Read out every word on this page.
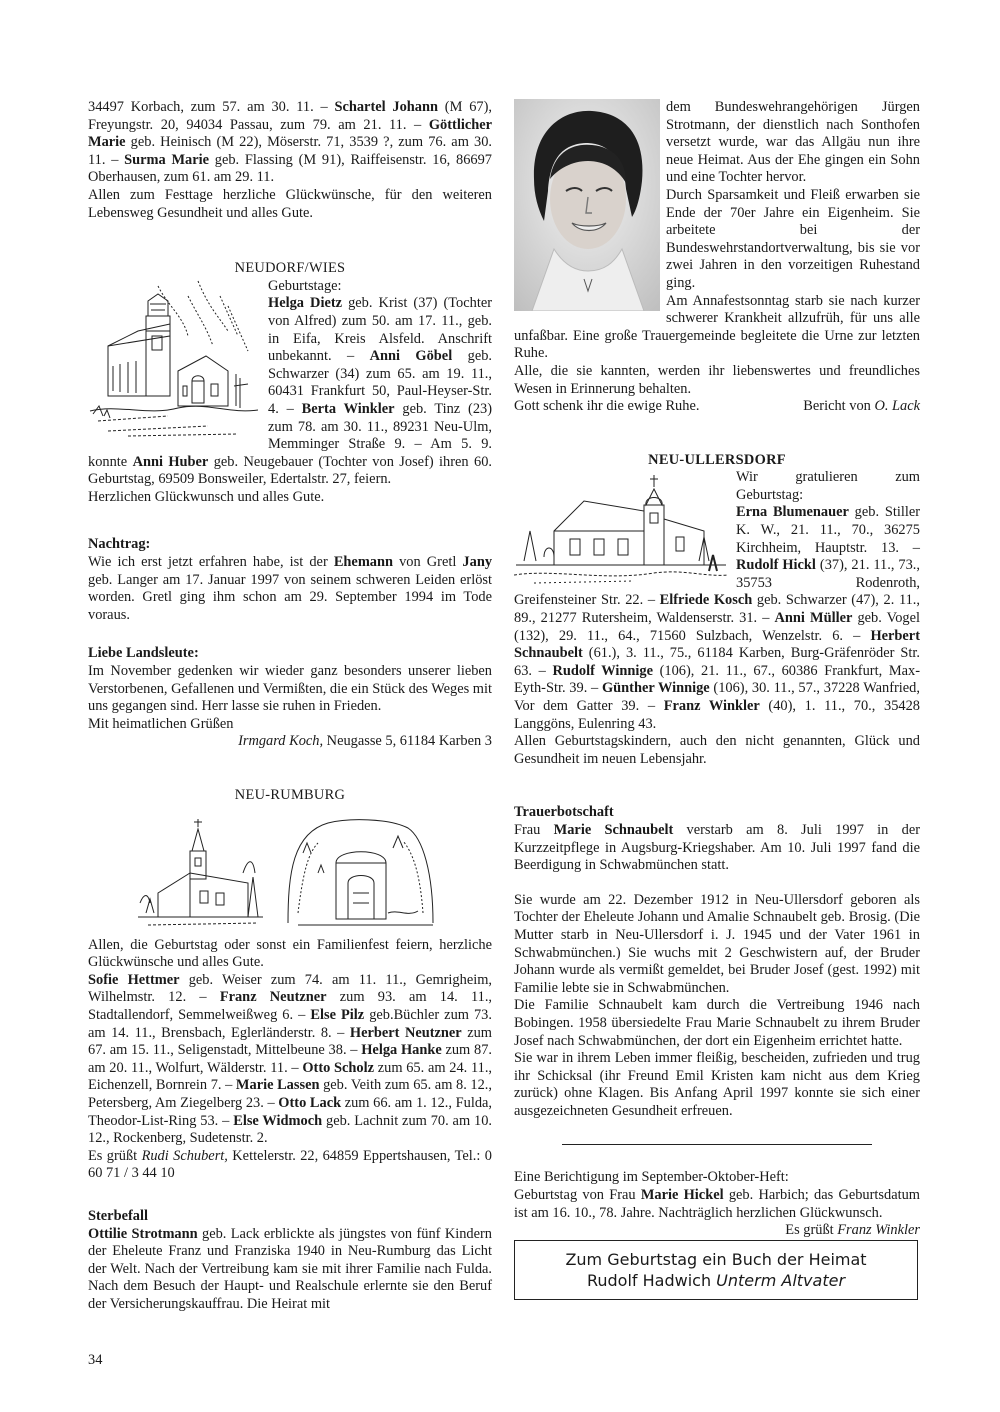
34497 Korbach, zum 57. am 30. 11. – Schartel Johann (M 67), Freyungstr. 20, 94034 Passau, zum 79. am 21. 11. – Göttlicher Marie geb. Heinisch (M 22), Möserstr. 71, 3539 ?, zum 76. am 30. 11. – Surma Marie geb. Flassing (M 91), Raiffeisenstr. 16, 86697 Oberhausen, zum 61. am 29. 11.

Allen zum Festtage herzliche Glückwünsche, für den weiteren Lebensweg Gesundheit und alles Gute.

NEUDORF/WIES

Geburtstage:
Helga Dietz geb. Krist (37) (Tochter von Alfred) zum 50. am 17. 11., geb. in Eifa, Kreis Alsfeld. Anschrift unbekannt. – Anni Göbel geb. Schwarzer (34) zum 65. am 19. 11., 60431 Frankfurt 50, Paul-Heyser-Str. 4. – Berta Winkler geb. Tinz (23) zum 78. am 30. 11., 89231 Neu-Ulm, Memminger Straße 9. – Am 5. 9. konnte Anni Huber geb. Neugebauer (Tochter von Josef) ihren 60. Geburtstag, 69509 Bonsweiler, Edertalstr. 27, feiern.

Herzlichen Glückwunsch und alles Gute.

Nachtrag:

Wie ich erst jetzt erfahren habe, ist der Ehemann von Gretl Jany geb. Langer am 17. Januar 1997 von seinem schweren Leiden erlöst worden. Gretl ging ihm schon am 29. September 1994 im Tode voraus.

Liebe Landsleute:

Im November gedenken wir wieder ganz besonders unserer lieben Verstorbenen, Gefallenen und Vermißten, die ein Stück des Weges mit uns gegangen sind. Herr lasse sie ruhen in Frieden.

Mit heimatlichen Grüßen

Irmgard Koch, Neugasse 5, 61184 Karben 3

NEU-RUMBURG

Allen, die Geburtstag oder sonst ein Familienfest feiern, herzliche Glückwünsche und alles Gute.

Sofie Hettmer geb. Weiser zum 74. am 11. 11., Gemrigheim, Wilhelmstr. 12. – Franz Neutzner zum 93. am 14. 11., Stadtallendorf, Semmelweißweg 6. – Else Pilz geb.Büchler zum 73. am 14. 11., Brensbach, Eglerländerstr. 8. – Herbert Neutzner zum 67. am 15. 11., Seligenstadt, Mittelbeune 38. – Helga Hanke zum 87. am 20. 11., Wolfurt, Wälderstr. 11. – Otto Scholz zum 65. am 24. 11., Eichenzell, Bornrein 7. – Marie Lassen geb. Veith zum 65. am 8. 12., Petersberg, Am Ziegelberg 23. – Otto Lack zum 66. am 1. 12., Fulda, Theodor-List-Ring 53. – Else Widmoch geb. Lachnit zum 70. am 10. 12., Rockenberg, Sudetenstr. 2.

Es grüßt Rudi Schubert, Kettelerstr. 22, 64859 Eppertshausen, Tel.: 0 60 71 / 3 44 10

Sterbefall

Ottilie Strotmann geb. Lack erblickte als jüngstes von fünf Kindern der Eheleute Franz und Franziska 1940 in Neu-Rumburg das Licht der Welt. Nach der Vertreibung kam sie mit ihrer Familie nach Fulda. Nach dem Besuch der Haupt- und Realschule erlernte sie den Beruf der Versicherungskauffrau. Die Heirat mit

dem Bundeswehrangehörigen Jürgen Strotmann, der dienstlich nach Sonthofen versetzt wurde, war das Allgäu nun ihre neue Heimat. Aus der Ehe gingen ein Sohn und eine Tochter hervor.

Durch Sparsamkeit und Fleiß erwarben sie Ende der 70er Jahre ein Eigenheim. Sie arbeitete bei der Bundeswehrstandortverwaltung, bis sie vor zwei Jahren in den vorzeitigen Ruhestand ging.

Am Annafestsonntag starb sie nach kurzer schwerer Krankheit allzufrüh, für uns alle unfaßbar. Eine große Trauergemeinde begleitete die Urne zur letzten Ruhe.

Alle, die sie kannten, werden ihr liebenswertes und freundliches Wesen in Erinnerung behalten.

Gott schenk ihr die ewige Ruhe.	Bericht von O. Lack

NEU-ULLERSDORF

Wir gratulieren zum Geburtstag:
Erna Blumenauer geb. Stiller K. W., 21. 11., 70., 36275 Kirchheim, Hauptstr. 13. – Rudolf Hickl (37), 21. 11., 73., 35753 Rodenroth, Greifensteiner Str. 22. – Elfriede Kosch geb. Schwarzer (47), 2. 11., 89., 21277 Rutersheim, Waldenserstr. 31. – Anni Müller geb. Vogel (132), 29. 11., 64., 71560 Sulzbach, Wenzelstr. 6. – Herbert Schnaubelt (61.), 3. 11., 75., 61184 Karben, Burg-Gräfenröder Str. 63. – Rudolf Winnige (106), 21. 11., 67., 60386 Frankfurt, Max-Eyth-Str. 39. – Günther Winnige (106), 30. 11., 57., 37228 Wanfried, Vor dem Gatter 39. – Franz Winkler (40), 1. 11., 70., 35428 Langgöns, Eulenring 43.

Allen Geburtstagskindern, auch den nicht genannten, Glück und Gesundheit im neuen Lebensjahr.

Trauerbotschaft

Frau Marie Schnaubelt verstarb am 8. Juli 1997 in der Kurzzeitpflege in Augsburg-Kriegshaber. Am 10. Juli 1997 fand die Beerdigung in Schwabmünchen statt.

Sie wurde am 22. Dezember 1912 in Neu-Ullersdorf geboren als Tochter der Eheleute Johann und Amalie Schnaubelt geb. Brosig. (Die Mutter starb in Neu-Ullersdorf i. J. 1945 und der Vater 1961 in Schwabmünchen.) Sie wuchs mit 2 Geschwistern auf, der Bruder Johann wurde als vermißt gemeldet, bei Bruder Josef (gest. 1992) mit Familie lebte sie in Schwabmünchen.

Die Familie Schnaubelt kam durch die Vertreibung 1946 nach Bobingen. 1958 übersiedelte Frau Marie Schnaubelt zu ihrem Bruder Josef nach Schwabmünchen, der dort ein Eigenheim errichtet hatte.

Sie war in ihrem Leben immer fleißig, bescheiden, zufrieden und trug ihr Schicksal (ihr Freund Emil Kristen kam nicht aus dem Krieg zurück) ohne Klagen. Bis Anfang April 1997 konnte sie sich einer ausgezeichneten Gesundheit erfreuen.

Eine Berichtigung im September-Oktober-Heft:

Geburtstag von Frau Marie Hickel geb. Harbich; das Geburtsdatum ist am 16. 10., 78. Jahre. Nachträglich herzlichen Glückwunsch.
Es grüßt Franz Winkler

Zum Geburtstag ein Buch der Heimat
Rudolf Hadwich Unterm Altvater
34
